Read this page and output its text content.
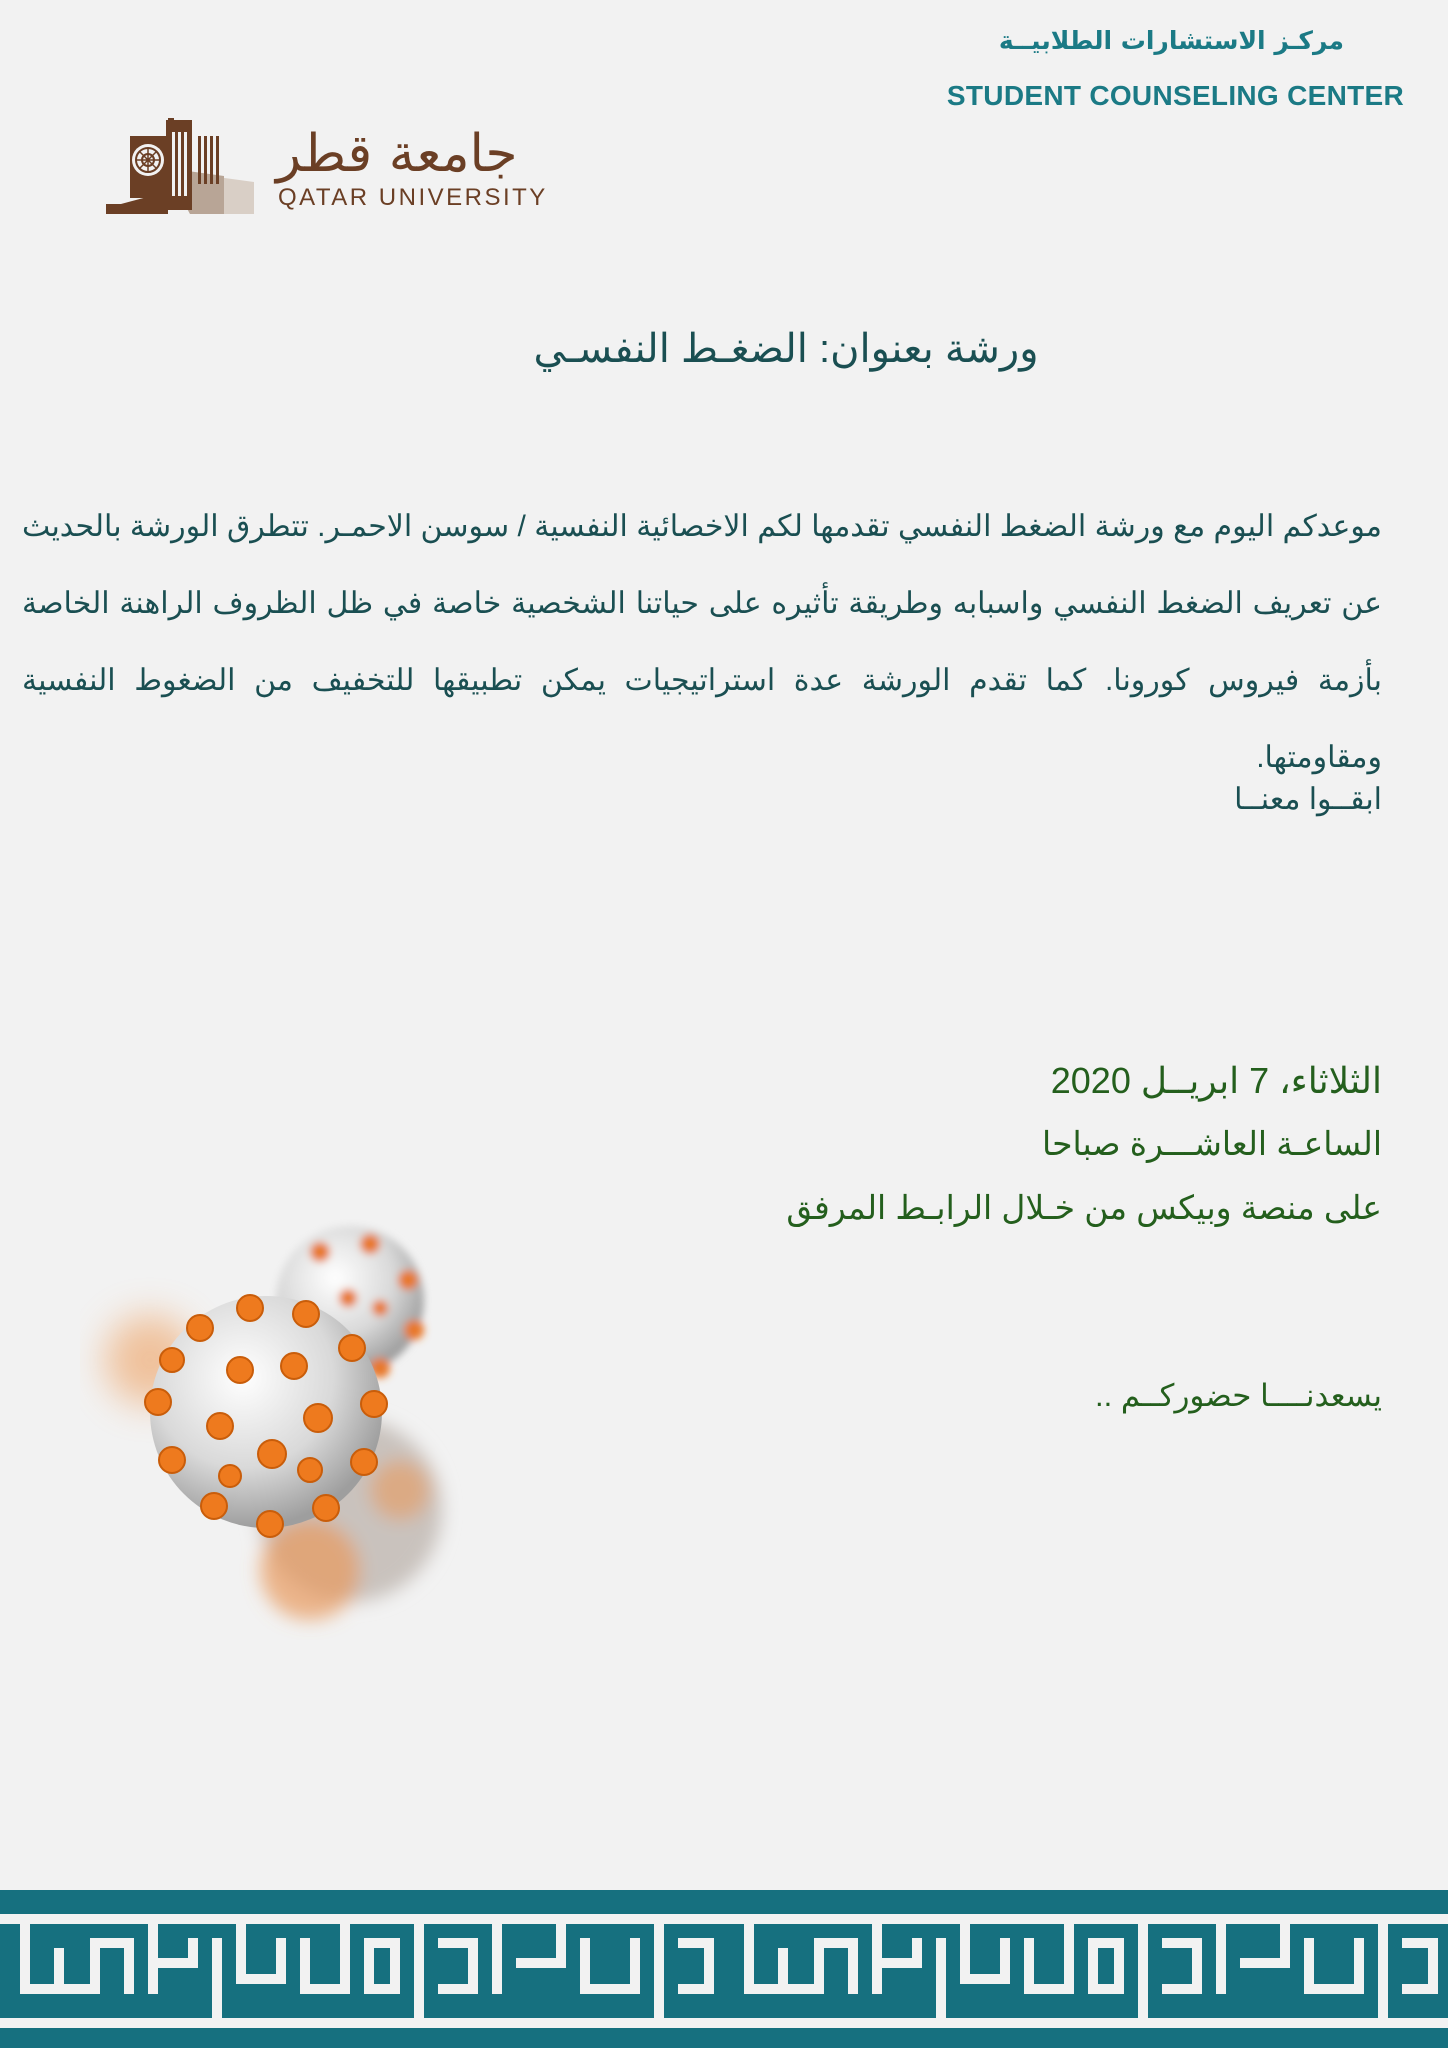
مركـز الاستشارات الطلابيــة
STUDENT COUNSELING CENTER
جامعة قطر
QATAR UNIVERSITY
ورشة بعنوان: الضغـط النفسـي
موعدكم اليوم مع ورشة الضغط النفسي تقدمها لكم الاخصائية النفسية / سوسن الاحمـر. تتطرق الورشة بالحديث عن تعريف الضغط النفسي واسبابه وطريقة تأثيره على حياتنا الشخصية خاصة في ظل الظروف الراهنة الخاصة بأزمة فيروس كورونا. كما تقدم الورشة عدة استراتيجيات يمكن تطبيقها للتخفيف من الضغوط النفسية ومقاومتها.
ابقــوا معنــا
الثلاثاء، 7 ابريــل 2020
الساعـة العاشـــرة صباحا
على منصة وبيكس من خـلال الرابـط المرفق
يسعدنــــا حضوركــم ..
